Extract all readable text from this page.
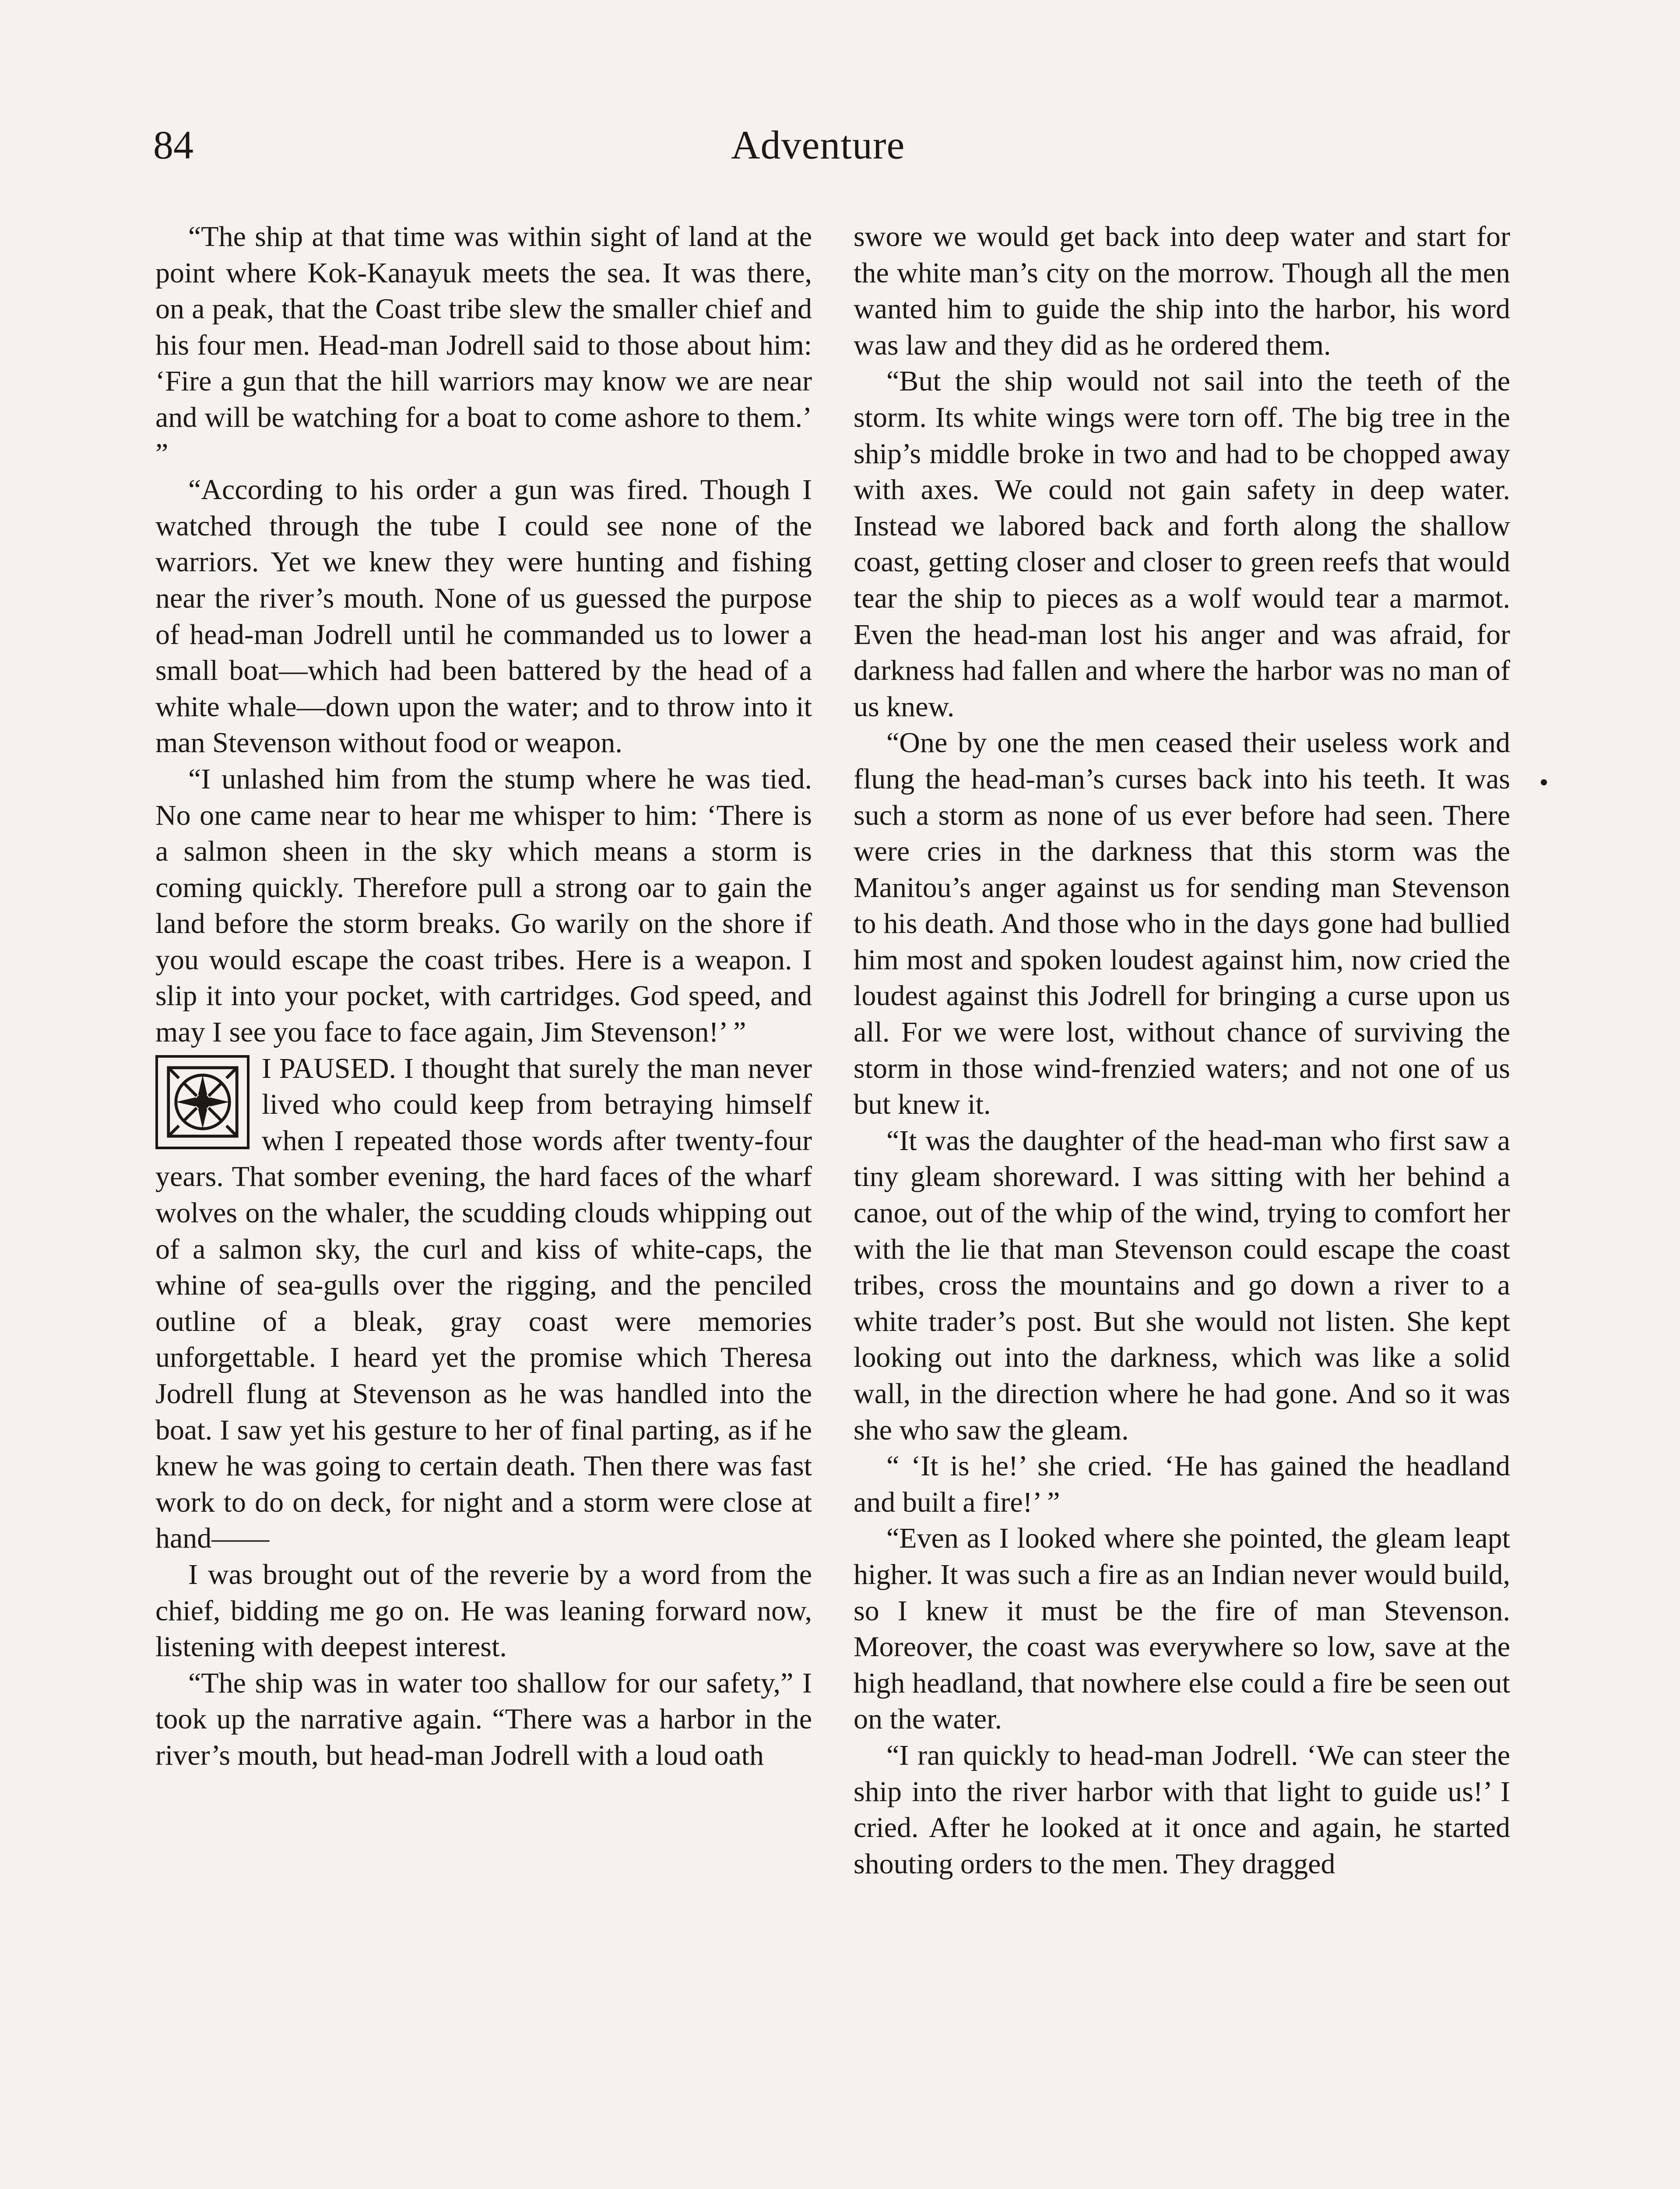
84	Adventure

“The ship at that time was within sight of land at the point where Kok-Kanayuk meets the sea. It was there, on a peak, that the Coast tribe slew the smaller chief and his four men. Head-man Jodrell said to those about him: ‘Fire a gun that the hill warriors may know we are near and will be watching for a boat to come ashore to them.’ ”

“According to his order a gun was fired. Though I watched through the tube I could see none of the warriors. Yet we knew they were hunting and fishing near the river’s mouth. None of us guessed the purpose of head-man Jodrell until he commanded us to lower a small boat—which had been battered by the head of a white whale—down upon the water; and to throw into it man Stevenson without food or weapon.

“I unlashed him from the stump where he was tied. No one came near to hear me whisper to him: ‘There is a salmon sheen in the sky which means a storm is coming quickly. Therefore pull a strong oar to gain the land before the storm breaks. Go warily on the shore if you would escape the coast tribes. Here is a weapon. I slip it into your pocket, with cartridges. God speed, and may I see you face to face again, Jim Stevenson!’ ”

I PAUSED. I thought that surely the man never lived who could keep from betraying himself when I repeated those words after twenty-four years. That somber evening, the hard faces of the wharf wolves on the whaler, the scudding clouds whipping out of a salmon sky, the curl and kiss of white-caps, the whine of sea-gulls over the rigging, and the penciled outline of a bleak, gray coast were memories unforgettable. I heard yet the promise which Theresa Jodrell flung at Stevenson as he was handled into the boat. I saw yet his gesture to her of final parting, as if he knew he was going to certain death. Then there was fast work to do on deck, for night and a storm were close at hand——

I was brought out of the reverie by a word from the chief, bidding me go on. He was leaning forward now, listening with deepest interest.

“The ship was in water too shallow for our safety,” I took up the narrative again. “There was a harbor in the river’s mouth, but head-man Jodrell with a loud oath

swore we would get back into deep water and start for the white man’s city on the morrow. Though all the men wanted him to guide the ship into the harbor, his word was law and they did as he ordered them.

“But the ship would not sail into the teeth of the storm. Its white wings were torn off. The big tree in the ship’s middle broke in two and had to be chopped away with axes. We could not gain safety in deep water. Instead we labored back and forth along the shallow coast, getting closer and closer to green reefs that would tear the ship to pieces as a wolf would tear a marmot. Even the head-man lost his anger and was afraid, for darkness had fallen and where the harbor was no man of us knew.

“One by one the men ceased their useless work and flung the head-man’s curses back into his teeth. It was such a storm as none of us ever before had seen. There were cries in the darkness that this storm was the Manitou’s anger against us for sending man Stevenson to his death. And those who in the days gone had bullied him most and spoken loudest against him, now cried the loudest against this Jodrell for bringing a curse upon us all. For we were lost, without chance of surviving the storm in those wind-frenzied waters; and not one of us but knew it.

“It was the daughter of the head-man who first saw a tiny gleam shoreward. I was sitting with her behind a canoe, out of the whip of the wind, trying to comfort her with the lie that man Stevenson could escape the coast tribes, cross the mountains and go down a river to a white trader’s post. But she would not listen. She kept looking out into the darkness, which was like a solid wall, in the direction where he had gone. And so it was she who saw the gleam.

“ ‘It is he!’ she cried. ‘He has gained the headland and built a fire!’ ”

“Even as I looked where she pointed, the gleam leapt higher. It was such a fire as an Indian never would build, so I knew it must be the fire of man Stevenson. Moreover, the coast was everywhere so low, save at the high headland, that nowhere else could a fire be seen out on the water.

“I ran quickly to head-man Jodrell. ‘We can steer the ship into the river harbor with that light to guide us!’ I cried. After he looked at it once and again, he started shouting orders to the men. They dragged
